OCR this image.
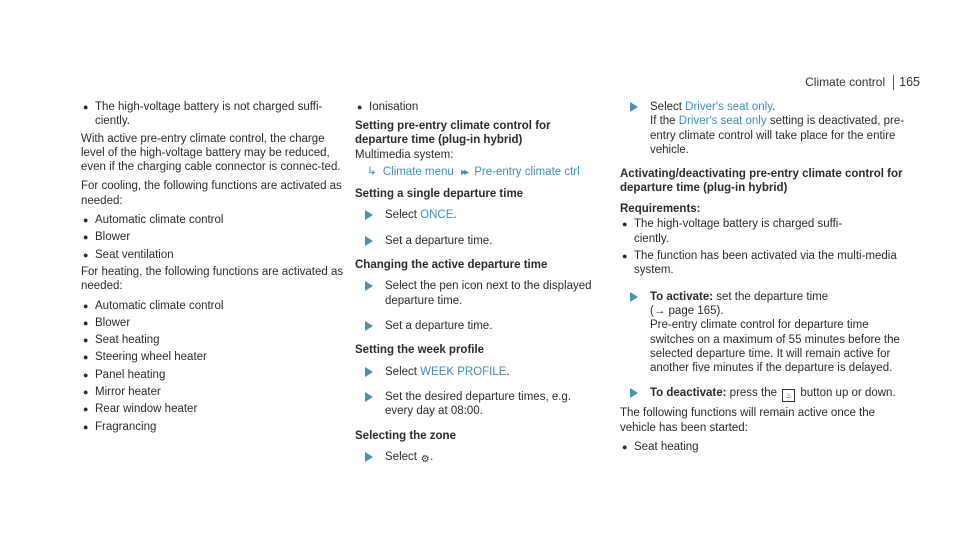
Climate control 165
● The high-voltage battery is not charged suffi-
ciently.

With active pre-entry climate control, the charge level of the high-voltage battery may be reduced, even if the charging cable connector is connec-ted.

For cooling, the following functions are activated as needed:

● Automatic climate control
● Blower
● Seat ventilation

For heating, the following functions are activated as needed:

● Automatic climate control
● Blower
● Seat heating
● Steering wheel heater
● Panel heating
● Mirror heater
● Rear window heater
● Fragrancing
● Ionisation
Setting pre-entry climate control for departure time (plug-in hybrid)
Multimedia system:
↳ Climate menu ▸▸ Pre-entry climate ctrl
Setting a single departure time
Select ONCE.
Set a departure time.
Changing the active departure time
Select the pen icon next to the displayed departure time.
Set a departure time.
Setting the week profile
Select WEEK PROFILE.
Set the desired departure times, e.g. every day at 08:00.
Selecting the zone
Select ⚙.
Select Driver's seat only.
If the Driver's seat only setting is deactivated, pre-entry climate control will take place for the entire vehicle.
Activating/deactivating pre-entry climate control for departure time (plug-in hybrid)
Requirements:
● The high-voltage battery is charged suffi-
ciently.
● The function has been activated via the multi-media system.
To activate: set the departure time
(→ page 165).
Pre-entry climate control for departure time switches on a maximum of 55 minutes before the selected departure time. It will remain active for another five minutes if the departure is delayed.
To deactivate: press the ♨ button up or down.

The following functions will remain active once the vehicle has been started:

● Seat heating
